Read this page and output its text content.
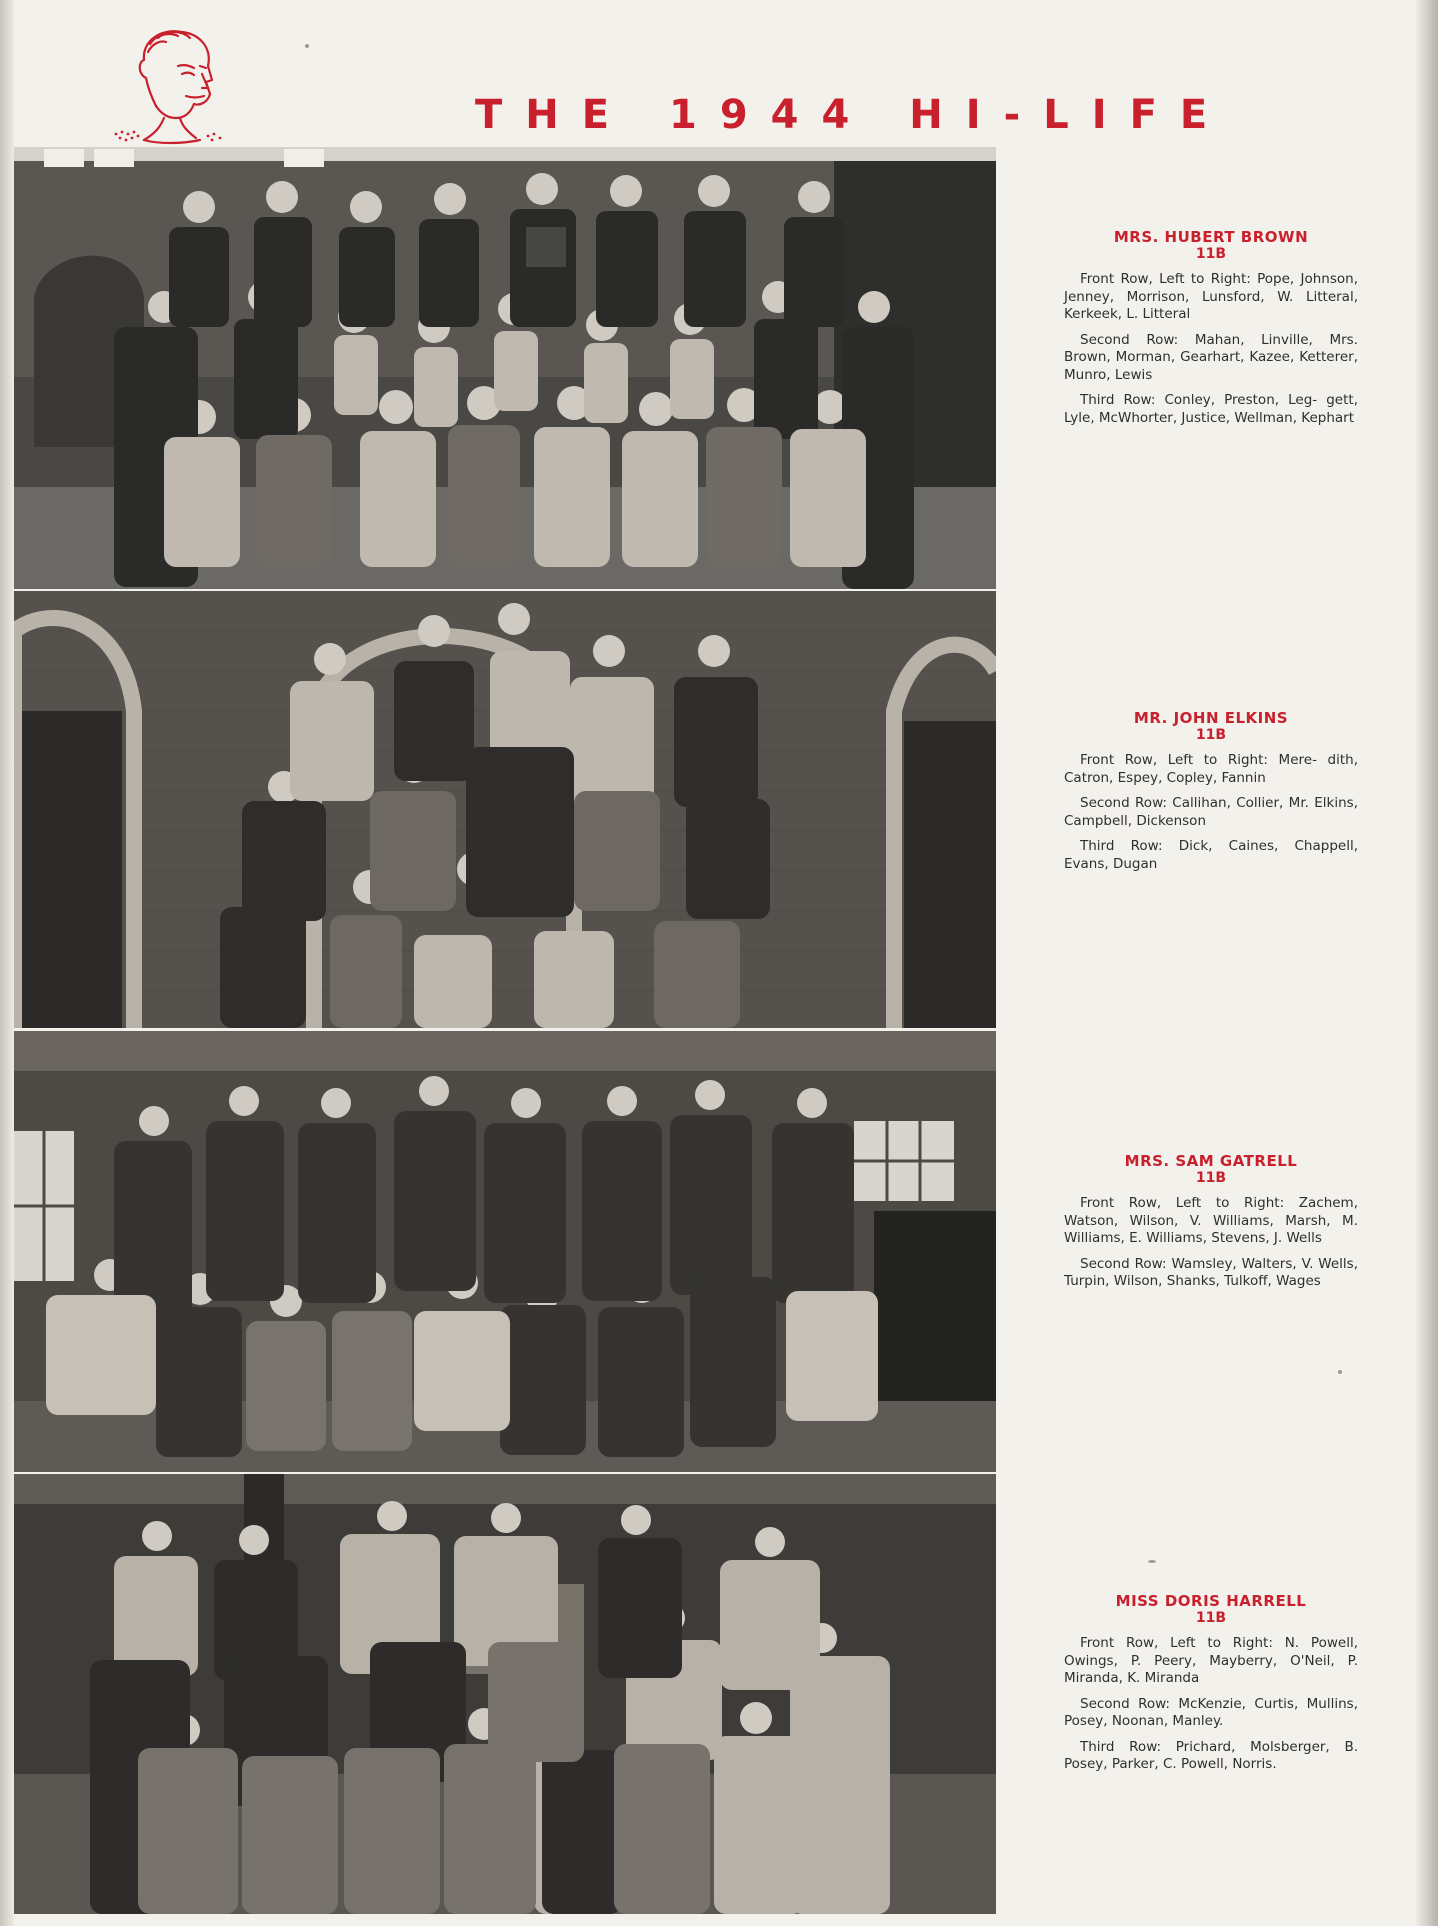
THE 1944 HI-LIFE
MRS. HUBERT BROWN
11B

Front Row, Left to Right: Pope, Johnson, Jenney, Morrison, Lunsford, W. Litteral, Kerkeek, L. Litteral

Second Row: Mahan, Linville, Mrs. Brown, Morman, Gearhart, Kazee, Ketterer, Munro, Lewis

Third Row: Conley, Preston, Leg- gett, Lyle, McWhorter, Justice, Wellman, Kephart

MR. JOHN ELKINS
11B

Front Row, Left to Right: Mere- dith, Catron, Espey, Copley, Fannin

Second Row: Callihan, Collier, Mr. Elkins, Campbell, Dickenson

Third Row: Dick, Caines, Chappell, Evans, Dugan

MRS. SAM GATRELL
11B

Front Row, Left to Right: Zachem, Watson, Wilson, V. Williams, Marsh, M. Williams, E. Williams, Stevens, J. Wells

Second Row: Wamsley, Walters, V. Wells, Turpin, Wilson, Shanks, Tulkoff, Wages

MISS DORIS HARRELL
11B

Front Row, Left to Right: N. Powell, Owings, P. Peery, Mayberry, O'Neil, P. Miranda, K. Miranda

Second Row: McKenzie, Curtis, Mullins, Posey, Noonan, Manley.

Third Row: Prichard, Molsberger, B. Posey, Parker, C. Powell, Norris.
